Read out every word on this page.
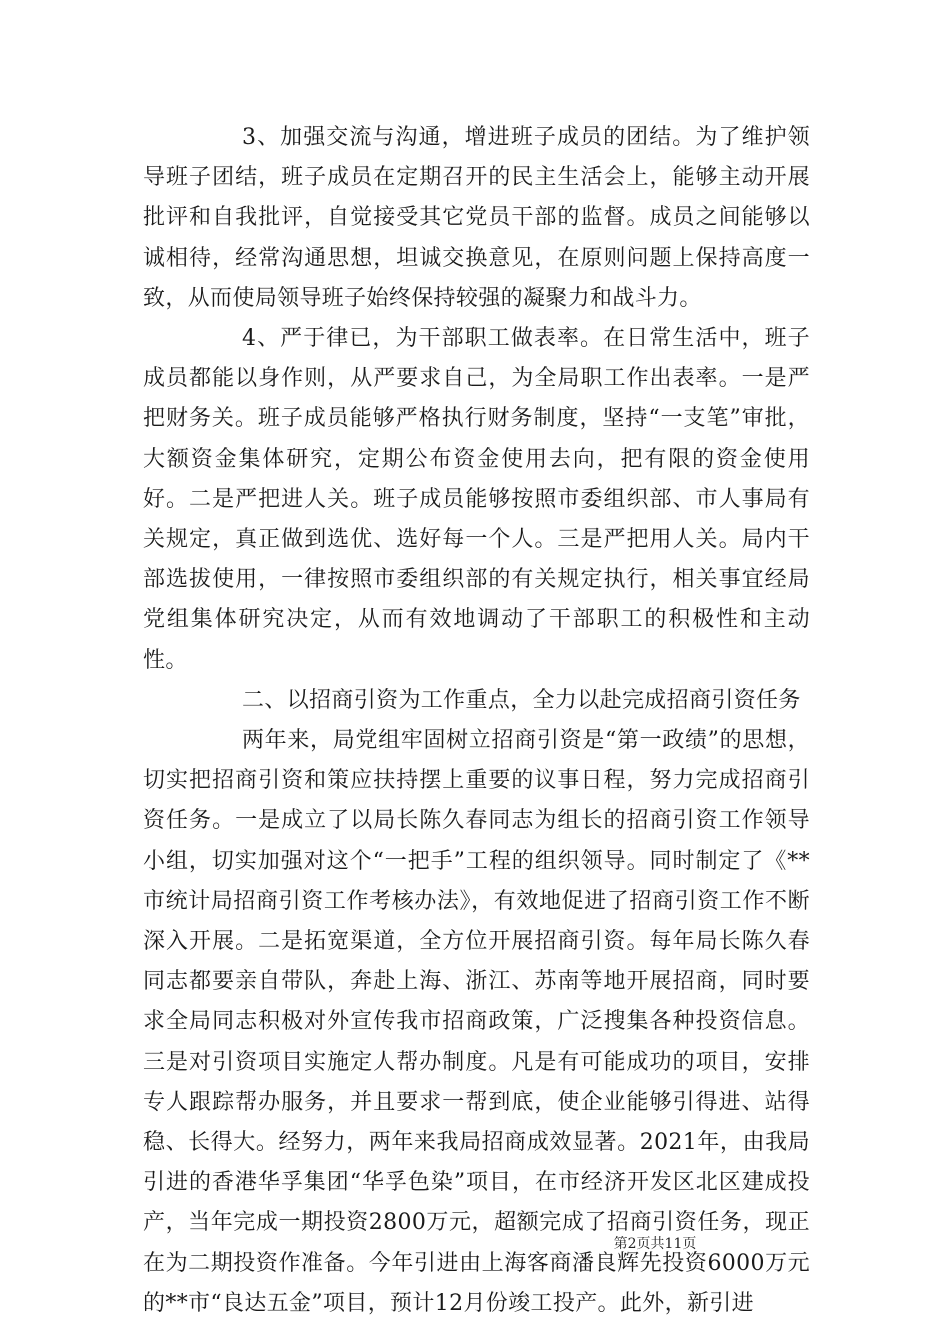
3、加强交流与沟通，增进班子成员的团结。为了维护领导班子团结，班子成员在定期召开的民主生活会上，能够主动开展批评和自我批评，自觉接受其它党员干部的监督。成员之间能够以诚相待，经常沟通思想，坦诚交换意见，在原则问题上保持高度一致，从而使局领导班子始终保持较强的凝聚力和战斗力。

4、严于律已，为干部职工做表率。在日常生活中，班子成员都能以身作则，从严要求自己，为全局职工作出表率。一是严把财务关。班子成员能够严格执行财务制度，坚持“一支笔”审批，大额资金集体研究，定期公布资金使用去向，把有限的资金使用好。二是严把进人关。班子成员能够按照市委组织部、市人事局有关规定，真正做到选优、选好每一个人。三是严把用人关。局内干部选拔使用，一律按照市委组织部的有关规定执行，相关事宜经局党组集体研究决定，从而有效地调动了干部职工的积极性和主动性。

二、以招商引资为工作重点，全力以赴完成招商引资任务

两年来，局党组牢固树立招商引资是“第一政绩”的思想，切实把招商引资和策应扶持摆上重要的议事日程，努力完成招商引资任务。一是成立了以局长陈久春同志为组长的招商引资工作领导小组，切实加强对这个“一把手”工程的组织领导。同时制定了《**市统计局招商引资工作考核办法》，有效地促进了招商引资工作不断深入开展。二是拓宽渠道，全方位开展招商引资。每年局长陈久春同志都要亲自带队，奔赴上海、浙江、苏南等地开展招商，同时要求全局同志积极对外宣传我市招商政策，广泛搜集各种投资信息。三是对引资项目实施定人帮办制度。凡是有可能成功的项目，安排专人跟踪帮办服务，并且要求一帮到底，使企业能够引得进、站得稳、长得大。经努力，两年来我局招商成效显著。2021年，由我局引进的香港华孚集团“华孚色染”项目，在市经济开发区北区建成投产，当年完成一期投资2800万元，超额完成了招商引资任务，现正在为二期投资作准备。今年引进由上海客商潘良辉先投资6000万元的**市“良达五金”项目，预计12月份竣工投产。此外，新引进

第2页共11页
